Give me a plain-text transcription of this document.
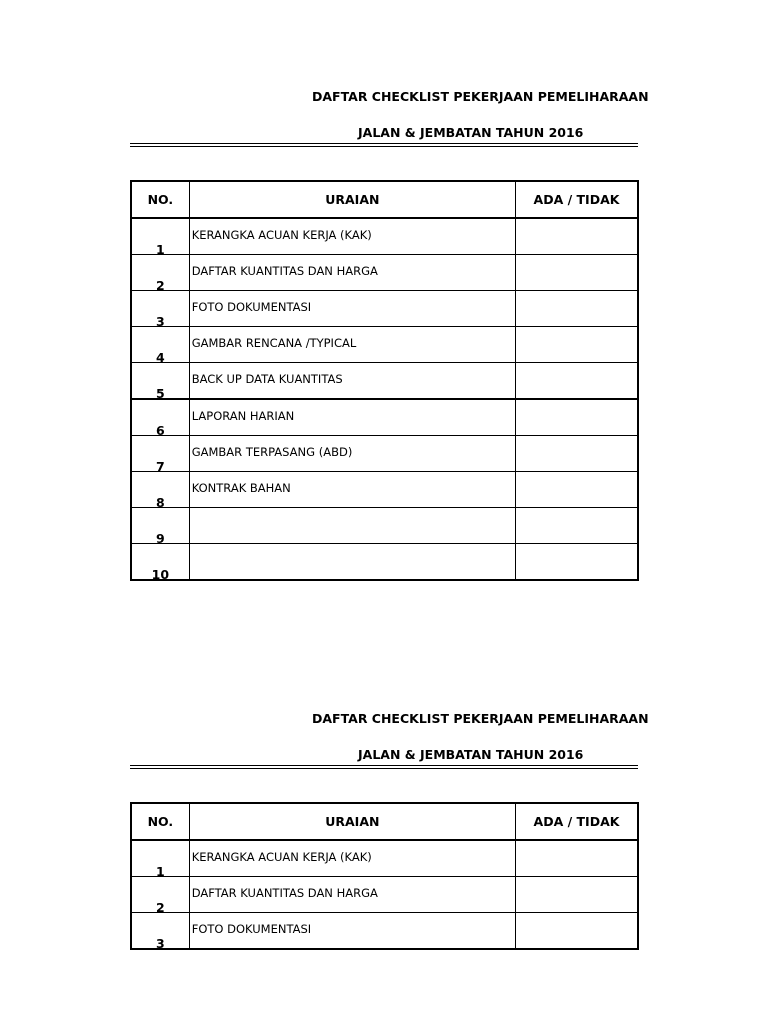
DAFTAR CHECKLIST PEKERJAAN PEMELIHARAAN
JALAN & JEMBATAN TAHUN 2016
NO.	URAIAN	ADA / TIDAK
1	KERANGKA ACUAN KERJA (KAK)	
2	DAFTAR KUANTITAS DAN HARGA	
3	FOTO DOKUMENTASI	
4	GAMBAR RENCANA /TYPICAL	
5	BACK UP DATA KUANTITAS	
6	LAPORAN HARIAN	
7	GAMBAR TERPASANG (ABD)	
8	KONTRAK BAHAN	
9		
10		
DAFTAR CHECKLIST PEKERJAAN PEMELIHARAAN
JALAN & JEMBATAN TAHUN 2016
NO.	URAIAN	ADA / TIDAK
1	KERANGKA ACUAN KERJA (KAK)	
2	DAFTAR KUANTITAS DAN HARGA	
3	FOTO DOKUMENTASI	
